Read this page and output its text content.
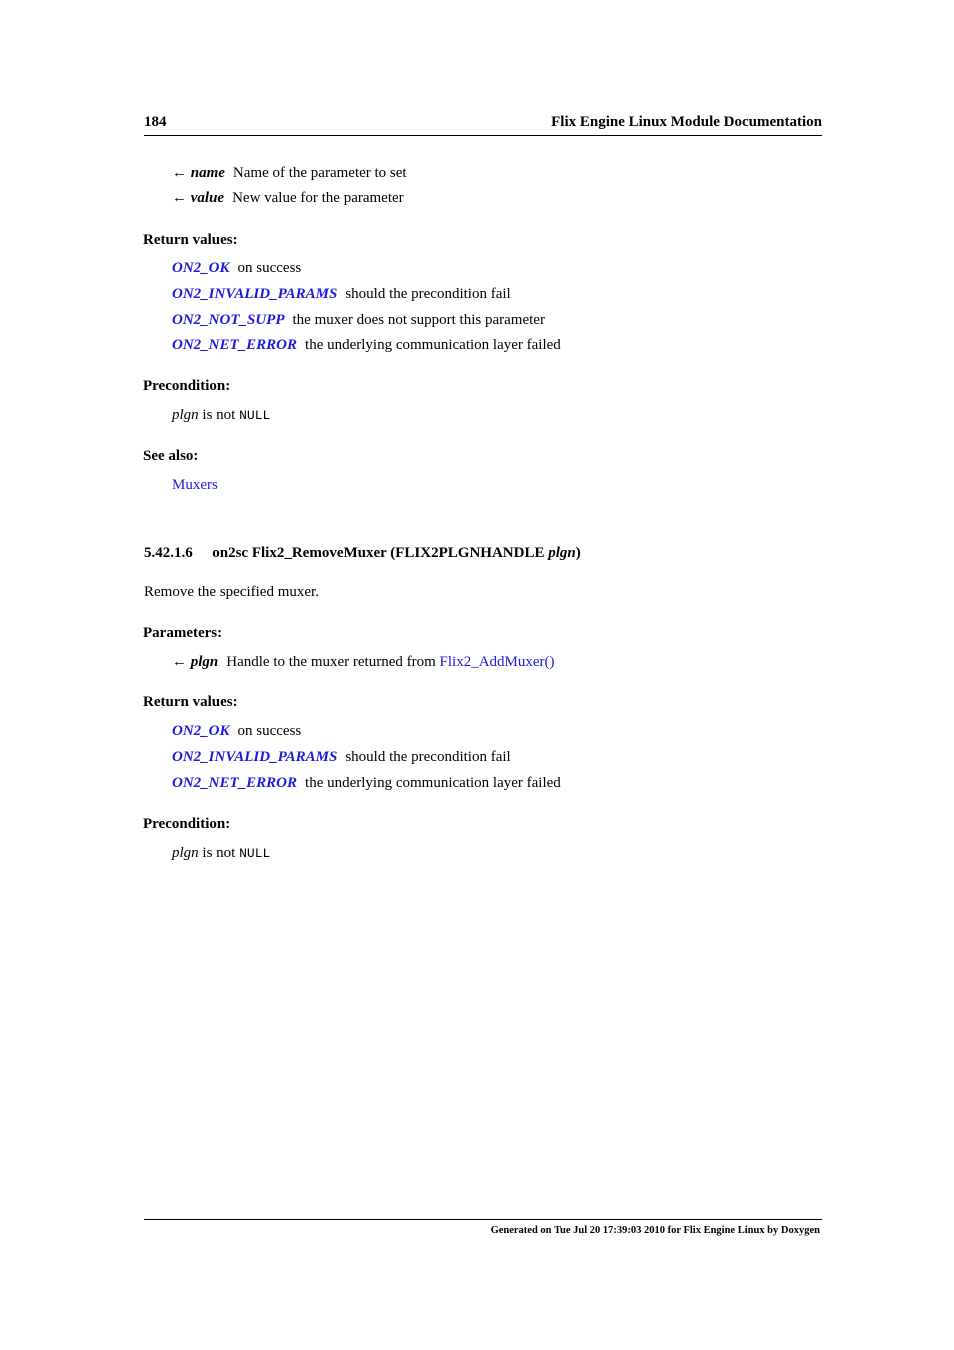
184	Flix Engine Linux Module Documentation
← name Name of the parameter to set
← value New value for the parameter
Return values:
ON2_OK on success
ON2_INVALID_PARAMS should the precondition fail
ON2_NOT_SUPP the muxer does not support this parameter
ON2_NET_ERROR the underlying communication layer failed
Precondition:
plgn is not NULL
See also:
Muxers
5.42.1.6 on2sc Flix2_RemoveMuxer (FLIX2PLGNHANDLE plgn)
Remove the specified muxer.
Parameters:
← plgn Handle to the muxer returned from Flix2_AddMuxer()
Return values:
ON2_OK on success
ON2_INVALID_PARAMS should the precondition fail
ON2_NET_ERROR the underlying communication layer failed
Precondition:
plgn is not NULL
Generated on Tue Jul 20 17:39:03 2010 for Flix Engine Linux by Doxygen
